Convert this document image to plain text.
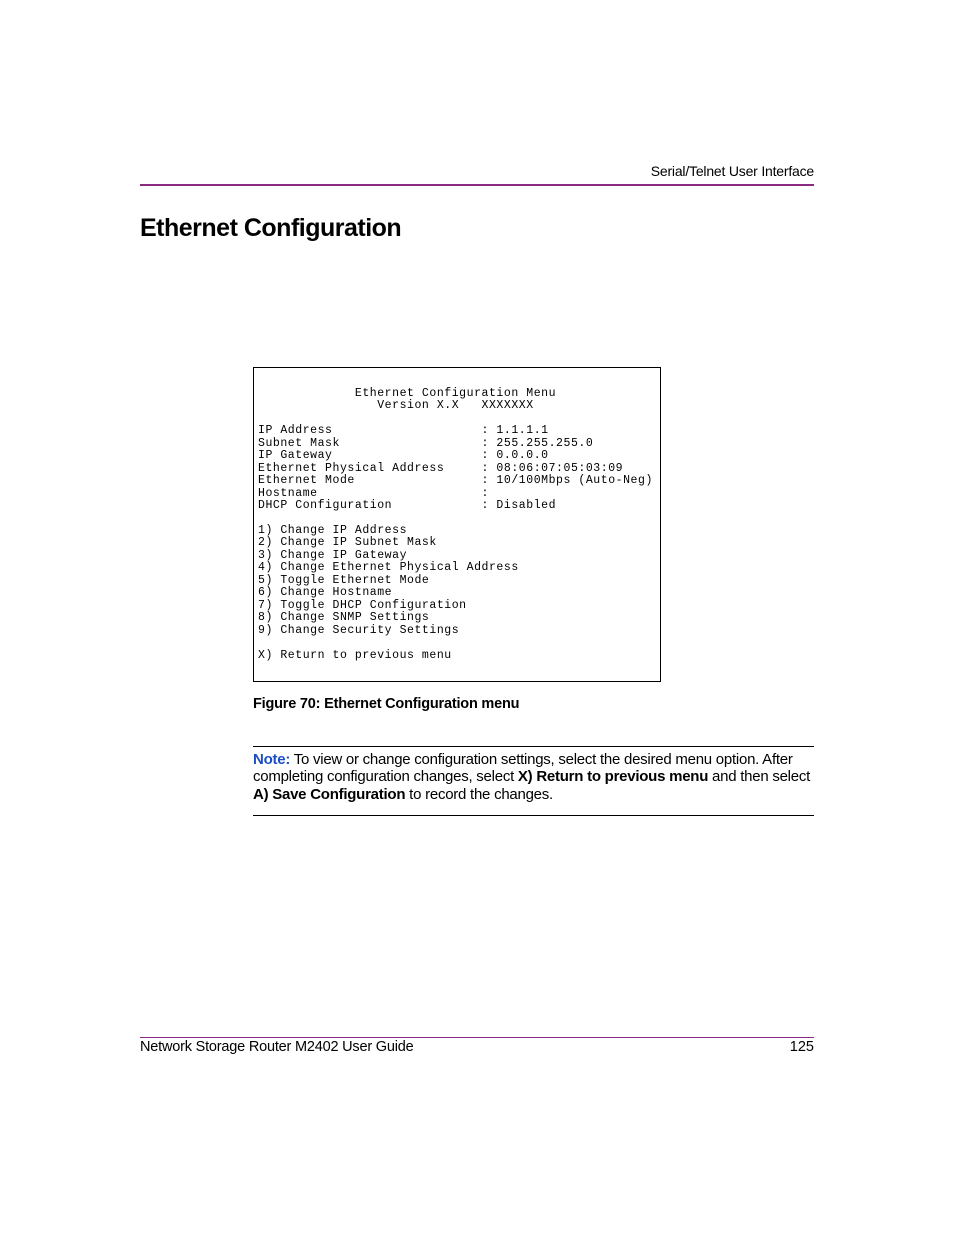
Serial/Telnet User Interface
Ethernet Configuration
Ethernet Configuration Menu
Version X.X   XXXXXXX

IP Address                    : 1.1.1.1
Subnet Mask                   : 255.255.255.0
IP Gateway                    : 0.0.0.0
Ethernet Physical Address     : 08:06:07:05:03:09
Ethernet Mode                 : 10/100Mbps (Auto-Neg)
Hostname                      :
DHCP Configuration            : Disabled

1) Change IP Address
2) Change IP Subnet Mask
3) Change IP Gateway
4) Change Ethernet Physical Address
5) Toggle Ethernet Mode
6) Change Hostname
7) Toggle DHCP Configuration
8) Change SNMP Settings
9) Change Security Settings

X) Return to previous menu

Figure 70: Ethernet Configuration menu
Note: To view or change configuration settings, select the desired menu option. After completing configuration changes, select X) Return to previous menu and then select A) Save Configuration to record the changes.
Network Storage Router M2402 User Guide	125
